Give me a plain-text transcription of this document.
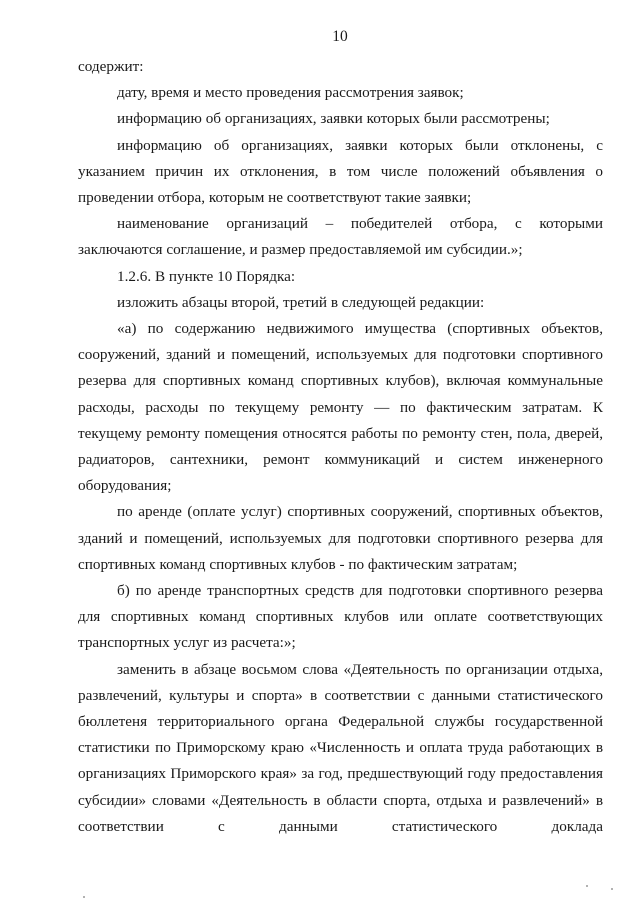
10

содержит:

дату, время и место проведения рассмотрения заявок;

информацию об организациях, заявки которых были рассмотрены;

информацию об организациях, заявки которых были отклонены, с указанием причин их отклонения, в том числе положений объявления о проведении отбора, которым не соответствуют такие заявки;

наименование организаций – победителей отбора, с которыми заключаются соглашение, и размер предоставляемой им субсидии.»;

1.2.6. В пункте 10 Порядка:

изложить абзацы второй, третий в следующей редакции:

«а) по содержанию недвижимого имущества (спортивных объектов, сооружений, зданий и помещений, используемых для подготовки спортивного резерва для спортивных команд спортивных клубов), включая коммунальные расходы, расходы по текущему ремонту — по фактическим затратам. К текущему ремонту помещения относятся работы по ремонту стен, пола, дверей, радиаторов, сантехники, ремонт коммуникаций и систем инженерного оборудования;

по аренде (оплате услуг) спортивных сооружений, спортивных объектов, зданий и помещений, используемых для подготовки спортивного резерва для спортивных команд спортивных клубов - по фактическим затратам;

б) по аренде транспортных средств для подготовки спортивного резерва для спортивных команд спортивных клубов или оплате соответствующих транспортных услуг из расчета:»;

заменить в абзаце восьмом слова «Деятельность по организации отдыха, развлечений, культуры и спорта» в соответствии с данными статистического бюллетеня территориального органа Федеральной службы государственной статистики по Приморскому краю «Численность и оплата труда работающих в организациях Приморского края» за год, предшествующий году предоставления субсидии» словами «Деятельность в области спорта, отдыха и развлечений» в соответствии с данными статистического доклада
